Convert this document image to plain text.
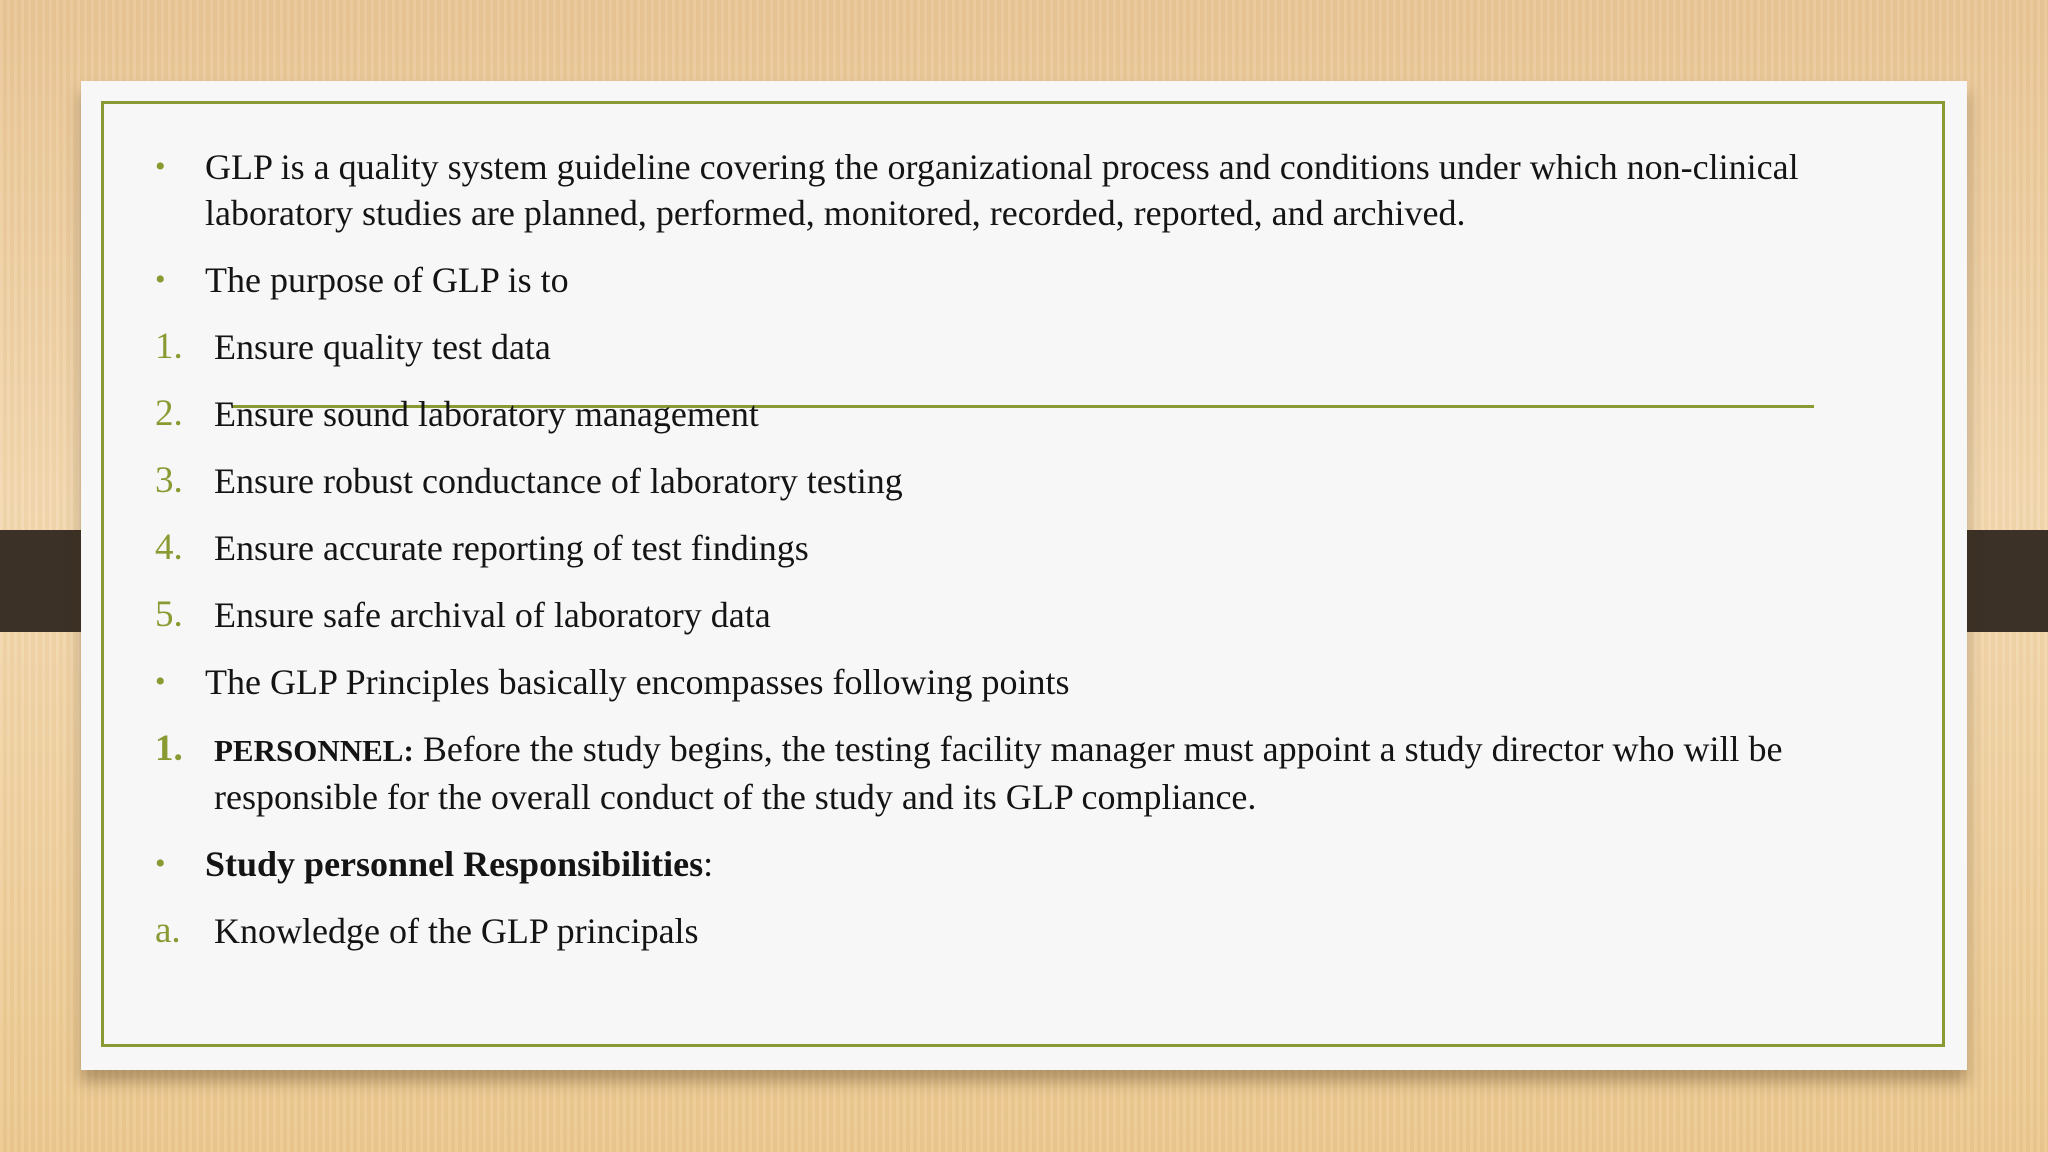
•	GLP is a quality system guideline covering the organizational process and conditions under which non-clinical laboratory studies are planned, performed, monitored, recorded, reported, and archived.
•	The purpose of GLP is to
1. Ensure quality test data
2. Ensure sound laboratory management
3. Ensure robust conductance of laboratory testing
4. Ensure accurate reporting of test findings
5. Ensure safe archival of laboratory data
•	The GLP Principles basically encompasses following points
1.	PERSONNEL: Before the study begins, the testing facility manager must appoint a study director who will be responsible for the overall conduct of the study and its GLP compliance.
•	Study personnel Responsibilities:
a. Knowledge of the GLP principals
